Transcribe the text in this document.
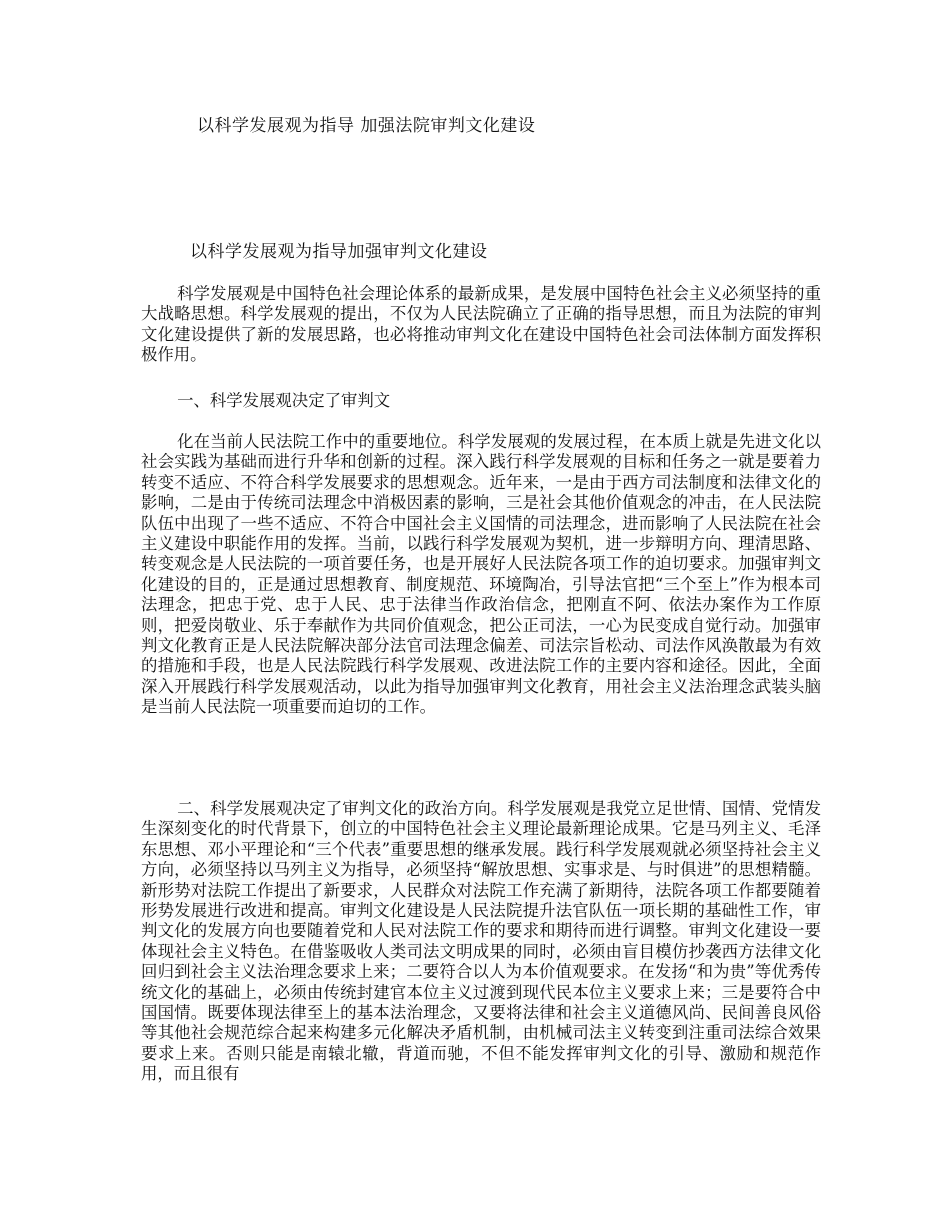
以科学发展观为指导 加强法院审判文化建设
以科学发展观为指导加强审判文化建设

科学发展观是中国特色社会理论体系的最新成果，是发展中国特色社会主义必须坚持的重大战略思想。科学发展观的提出，不仅为人民法院确立了正确的指导思想，而且为法院的审判文化建设提供了新的发展思路，也必将推动审判文化在建设中国特色社会司法体制方面发挥积极作用。

一、科学发展观决定了审判文

化在当前人民法院工作中的重要地位。科学发展观的发展过程，在本质上就是先进文化以社会实践为基础而进行升华和创新的过程。深入践行科学发展观的目标和任务之一就是要着力转变不适应、不符合科学发展要求的思想观念。近年来，一是由于西方司法制度和法律文化的影响，二是由于传统司法理念中消极因素的影响，三是社会其他价值观念的冲击，在人民法院队伍中出现了一些不适应、不符合中国社会主义国情的司法理念，进而影响了人民法院在社会主义建设中职能作用的发挥。当前，以践行科学发展观为契机，进一步辩明方向、理清思路、转变观念是人民法院的一项首要任务，也是开展好人民法院各项工作的迫切要求。加强审判文化建设的目的，正是通过思想教育、制度规范、环境陶冶，引导法官把“三个至上”作为根本司法理念，把忠于党、忠于人民、忠于法律当作政治信念，把刚直不阿、依法办案作为工作原则，把爱岗敬业、乐于奉献作为共同价值观念，把公正司法，一心为民变成自觉行动。加强审判文化教育正是人民法院解决部分法官司法理念偏差、司法宗旨松动、司法作风涣散最为有效的措施和手段，也是人民法院践行科学发展观、改进法院工作的主要内容和途径。因此，全面深入开展践行科学发展观活动，以此为指导加强审判文化教育，用社会主义法治理念武装头脑是当前人民法院一项重要而迫切的工作。

二、科学发展观决定了审判文化的政治方向。科学发展观是我党立足世情、国情、党情发生深刻变化的时代背景下，创立的中国特色社会主义理论最新理论成果。它是马列主义、毛泽东思想、邓小平理论和“三个代表”重要思想的继承发展。践行科学发展观就必须坚持社会主义方向，必须坚持以马列主义为指导，必须坚持“解放思想、实事求是、与时俱进”的思想精髓。新形势对法院工作提出了新要求，人民群众对法院工作充满了新期待，法院各项工作都要随着形势发展进行改进和提高。审判文化建设是人民法院提升法官队伍一项长期的基础性工作，审判文化的发展方向也要随着党和人民对法院工作的要求和期待而进行调整。审判文化建设一要体现社会主义特色。在借鉴吸收人类司法文明成果的同时，必须由盲目模仿抄袭西方法律文化回归到社会主义法治理念要求上来；二要符合以人为本价值观要求。在发扬“和为贵”等优秀传统文化的基础上，必须由传统封建官本位主义过渡到现代民本位主义要求上来；三是要符合中国国情。既要体现法律至上的基本法治理念，又要将法律和社会主义道德风尚、民间善良风俗等其他社会规范综合起来构建多元化解决矛盾机制，由机械司法主义转变到注重司法综合效果要求上来。否则只能是南辕北辙，背道而驰，不但不能发挥审判文化的引导、激励和规范作用，而且很有
